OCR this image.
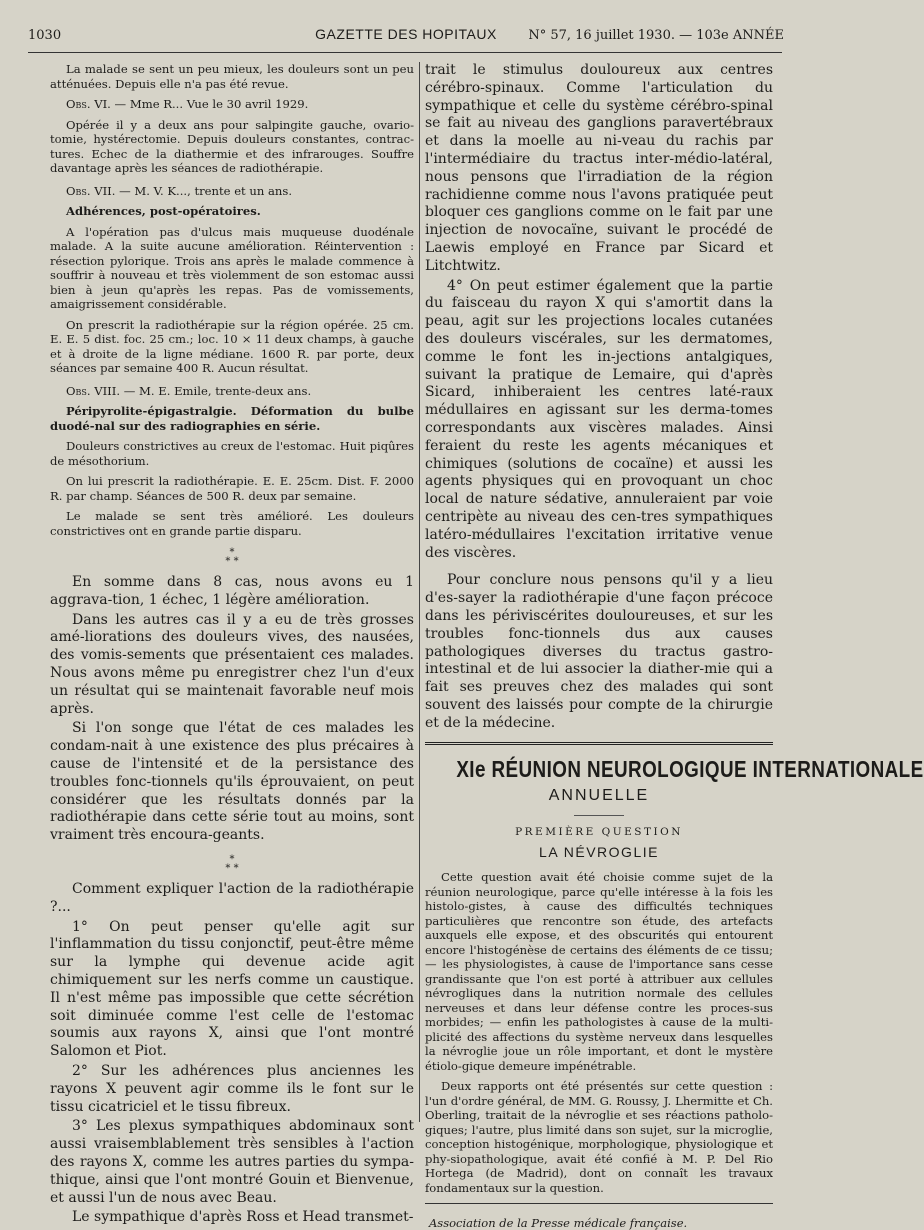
1030	GAZETTE DES HOPITAUX	N° 57, 16 juillet 1930. — 103e ANNÉE

La malade se sent un peu mieux, les douleurs sont un peu atténuées. Depuis elle n'a pas été revue.

Obs. VI. — Mme R... Vue le 30 avril 1929.

Opérée il y a deux ans pour salpingite gauche, ovario-tomie, hystérectomie. Depuis douleurs constantes, contrac-tures. Echec de la diathermie et des infrarouges. Souffre davantage après les séances de radiothérapie.

Obs. VII. — M. V. K..., trente et un ans.

Adhérences, post-opératoires.

A l'opération pas d'ulcus mais muqueuse duodénale malade. A la suite aucune amélioration. Réintervention : résection pylorique. Trois ans après le malade commence à souffrir à nouveau et très violemment de son estomac aussi bien à jeun qu'après les repas. Pas de vomissements, amaigrissement considérable.

On prescrit la radiothérapie sur la région opérée. 25 cm. E. E. 5 dist. foc. 25 cm.; loc. 10 × 11 deux champs, à gauche et à droite de la ligne médiane. 1600 R. par porte, deux séances par semaine 400 R. Aucun résultat.

Obs. VIII. — M. E. Emile, trente-deux ans.

Péripyrolite-épigastralgie. Déformation du bulbe duodé-nal sur des radiographies en série.

Douleurs constrictives au creux de l'estomac. Huit piqûres de mésothorium.

On lui prescrit la radiothérapie. E. E. 25cm. Dist. F. 2000 R. par champ. Séances de 500 R. deux par semaine.

Le malade se sent très amélioré. Les douleurs constrictives ont en grande partie disparu.

*
* *

En somme dans 8 cas, nous avons eu 1 aggrava-tion, 1 échec, 1 légère amélioration.

Dans les autres cas il y a eu de très grosses amé-liorations des douleurs vives, des nausées, des vomis-sements que présentaient ces malades. Nous avons même pu enregistrer chez l'un d'eux un résultat qui se maintenait favorable neuf mois après.

Si l'on songe que l'état de ces malades les condam-nait à une existence des plus précaires à cause de l'intensité et de la persistance des troubles fonc-tionnels qu'ils éprouvaient, on peut considérer que les résultats donnés par la radiothérapie dans cette série tout au moins, sont vraiment très encoura-geants.

*
* *

Comment expliquer l'action de la radiothérapie ?...

1° On peut penser qu'elle agit sur l'inflammation du tissu conjonctif, peut-être même sur la lymphe qui devenue acide agit chimiquement sur les nerfs comme un caustique. Il n'est même pas impossible que cette sécrétion soit diminuée comme l'est celle de l'estomac soumis aux rayons X, ainsi que l'ont montré Salomon et Piot.

2° Sur les adhérences plus anciennes les rayons X peuvent agir comme ils le font sur le tissu cicatriciel et le tissu fibreux.

3° Les plexus sympathiques abdominaux sont aussi vraisemblablement très sensibles à l'action des rayons X, comme les autres parties du sympa-thique, ainsi que l'ont montré Gouin et Bienvenue, et aussi l'un de nous avec Beau.

Le sympathique d'après Ross et Head transmet-

trait le stimulus douloureux aux centres cérébro-spinaux. Comme l'articulation du sympathique et celle du système cérébro-spinal se fait au niveau des ganglions paravertébraux et dans la moelle au ni-veau du rachis par l'intermédiaire du tractus inter-médio-latéral, nous pensons que l'irradiation de la région rachidienne comme nous l'avons pratiquée peut bloquer ces ganglions comme on le fait par une injection de novocaïne, suivant le procédé de Laewis employé en France par Sicard et Litchtwitz.

4° On peut estimer également que la partie du faisceau du rayon X qui s'amortit dans la peau, agit sur les projections locales cutanées des douleurs viscérales, sur les dermatomes, comme le font les in-jections antalgiques, suivant la pratique de Lemaire, qui d'après Sicard, inhiberaient les centres laté-raux médullaires en agissant sur les derma-tomes correspondants aux viscères malades. Ainsi feraient du reste les agents mécaniques et chimiques (solutions de cocaïne) et aussi les agents physiques qui en provoquant un choc local de nature sédative, annuleraient par voie centripète au niveau des cen-tres sympathiques latéro-médullaires l'excitation irritative venue des viscères.

Pour conclure nous pensons qu'il y a lieu d'es-sayer la radiothérapie d'une façon précoce dans les périviscérites douloureuses, et sur les troubles fonc-tionnels dus aux causes pathologiques diverses du tractus gastro-intestinal et de lui associer la diather-mie qui a fait ses preuves chez des malades qui sont souvent des laissés pour compte de la chirurgie et de la médecine.

XIe RÉUNION NEUROLOGIQUE INTERNATIONALE
ANNUELLE
PREMIÈRE QUESTION
LA NÉVROGLIE

Cette question avait été choisie comme sujet de la réunion neurologique, parce qu'elle intéresse à la fois les histolo-gistes, à cause des difficultés techniques particulières que rencontre son étude, des artefacts auxquels elle expose, et des obscurités qui entourent encore l'histogénèse de certains des éléments de ce tissu; — les physiologistes, à cause de l'importance sans cesse grandissante que l'on est porté à attribuer aux cellules névrogliques dans la nutrition normale des cellules nerveuses et dans leur défense contre les proces-sus morbides; — enfin les pathologistes à cause de la multi-plicité des affections du système nerveux dans lesquelles la névroglie joue un rôle important, et dont le mystère étiolo-gique demeure impénétrable.

Deux rapports ont été présentés sur cette question : l'un d'ordre général, de MM. G. Roussy, J. Lhermitte et Ch. Oberling, traitait de la névroglie et ses réactions patholo-giques; l'autre, plus limité dans son sujet, sur la microglie, conception histogénique, morphologique, physiologique et phy-siopathologique, avait été confié à M. P. Del Rio Hortega (de Madrid), dont on connaît les travaux fondamentaux sur la question.

Association de la Presse médicale française.
